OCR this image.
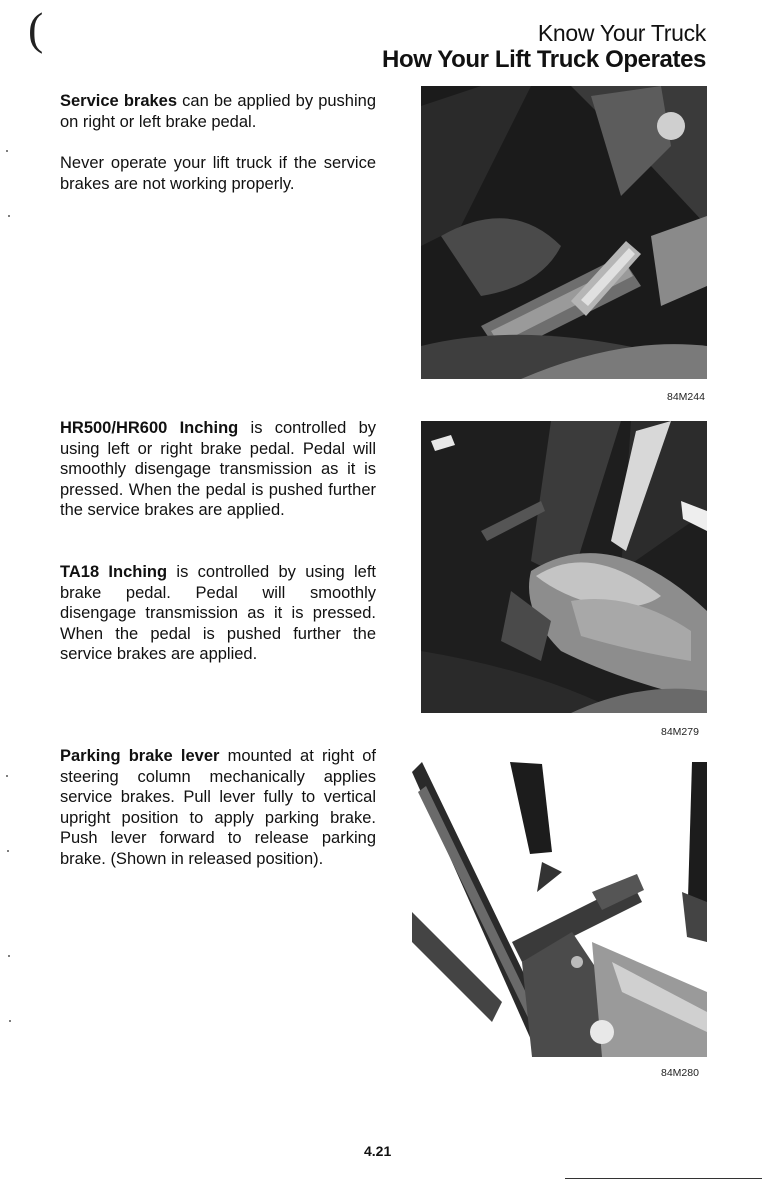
(	Know Your Truck
How Your Lift Truck Operates

Service brakes can be applied by pushing on right or left brake pedal.

Never operate your lift truck if the service brakes are not working properly.

84M244

HR500/HR600 Inching is controlled by using left or right brake pedal. Pedal will smoothly disengage transmission as it is pressed. When the pedal is pushed further the service brakes are applied.

TA18 Inching is controlled by using left brake pedal. Pedal will smoothly disengage transmission as it is pressed. When the pedal is pushed further the service brakes are applied.

84M279

Parking brake lever mounted at right of steering column mechanically applies service brakes. Pull lever fully to vertical upright position to apply parking brake. Push lever forward to release parking brake. (Shown in released position).

84M280
4.21
